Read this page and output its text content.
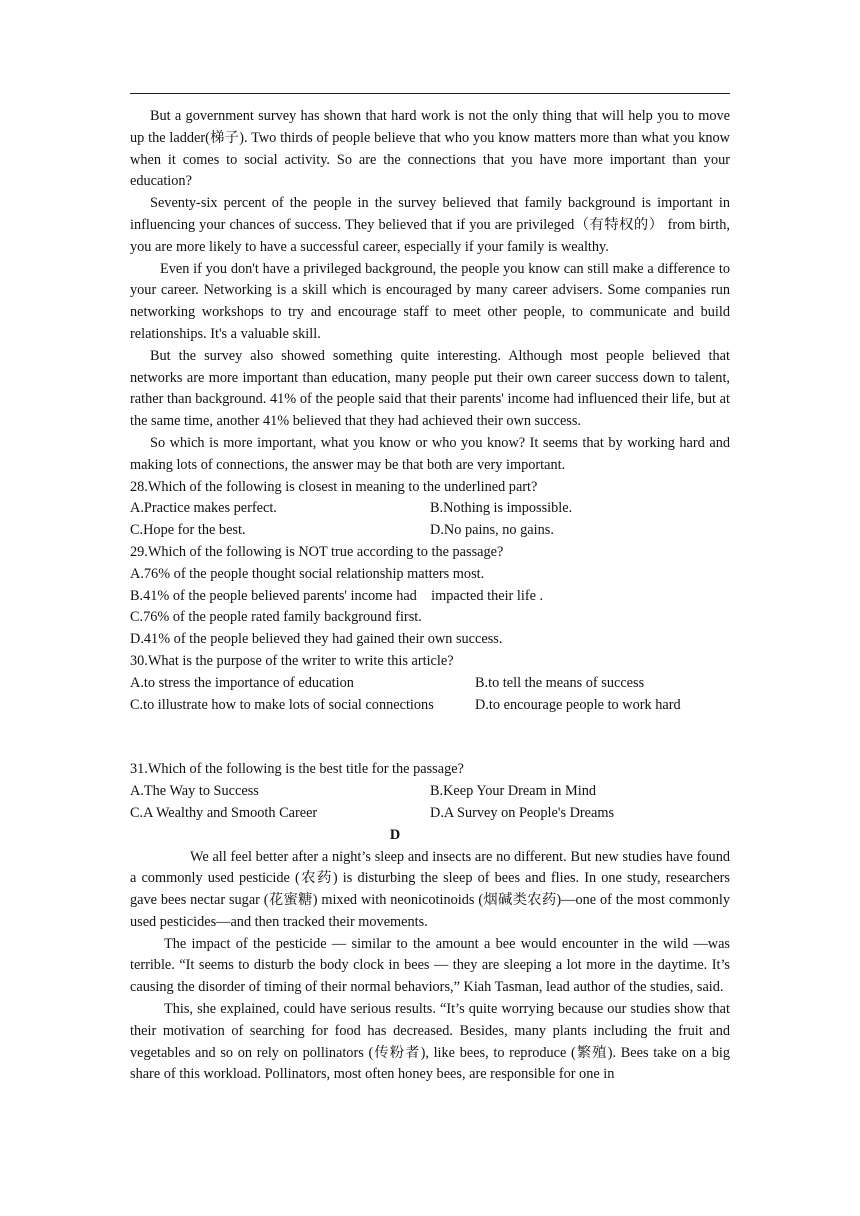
But a government survey has shown that hard work is not the only thing that will help you to move up the ladder(梯子). Two thirds of people believe that who you know matters more than what you know when it comes to social activity. So are the connections that you have more important than your education?

Seventy-six percent of the people in the survey believed that family background is important in influencing your chances of success. They believed that if you are privileged（有特权的） from birth, you are more likely to have a successful career, especially if your family is wealthy.

Even if you don't have a privileged background, the people you know can still make a difference to your career. Networking is a skill which is encouraged by many career advisers. Some companies run networking workshops to try and encourage staff to meet other people, to communicate and build relationships. It's a valuable skill.

But the survey also showed something quite interesting. Although most people believed that networks are more important than education, many people put their own career success down to talent, rather than background. 41% of the people said that their parents' income had influenced their life, but at the same time, another 41% believed that they had achieved their own success.

So which is more important, what you know or who you know? It seems that by working hard and making lots of connections, the answer may be that both are very important.

28.Which of the following is closest in meaning to the underlined part?

A.Practice makes perfect.	B.Nothing is impossible.
C.Hope for the best.	D.No pains, no gains.

29.Which of the following is NOT true according to the passage?

A.76% of the people thought social relationship matters most.

B.41% of the people believed parents' income had    impacted their life .

C.76% of the people rated family background first.

D.41% of the people believed they had gained their own success.

30.What is the purpose of the writer to write this article?

A.to stress the importance of education	B.to tell the means of success
C.to illustrate how to make lots of social connections	D.to encourage people to work hard

31.Which of the following is the best title for the passage?

A.The Way to Success	B.Keep Your Dream in Mind
C.A Wealthy and Smooth Career	D.A Survey on People's Dreams

D

We all feel better after a night’s sleep and insects are no different. But new studies have found a commonly used pesticide (农药) is disturbing the sleep of bees and flies. In one study, researchers gave bees nectar sugar (花蜜糖) mixed with neonicotinoids (烟碱类农药)—one of the most commonly used pesticides—and then tracked their movements.

The impact of the pesticide — similar to the amount a bee would encounter in the wild —was terrible. “It seems to disturb the body clock in bees — they are sleeping a lot more in the daytime. It’s causing the disorder of timing of their normal behaviors,” Kiah Tasman, lead author of the studies, said.

This, she explained, could have serious results. “It’s quite worrying because our studies show that their motivation of searching for food has decreased. Besides, many plants including the fruit and vegetables and so on rely on pollinators (传粉者), like bees, to reproduce (繁殖). Bees take on a big share of this workload. Pollinators, most often honey bees, are responsible for one in
